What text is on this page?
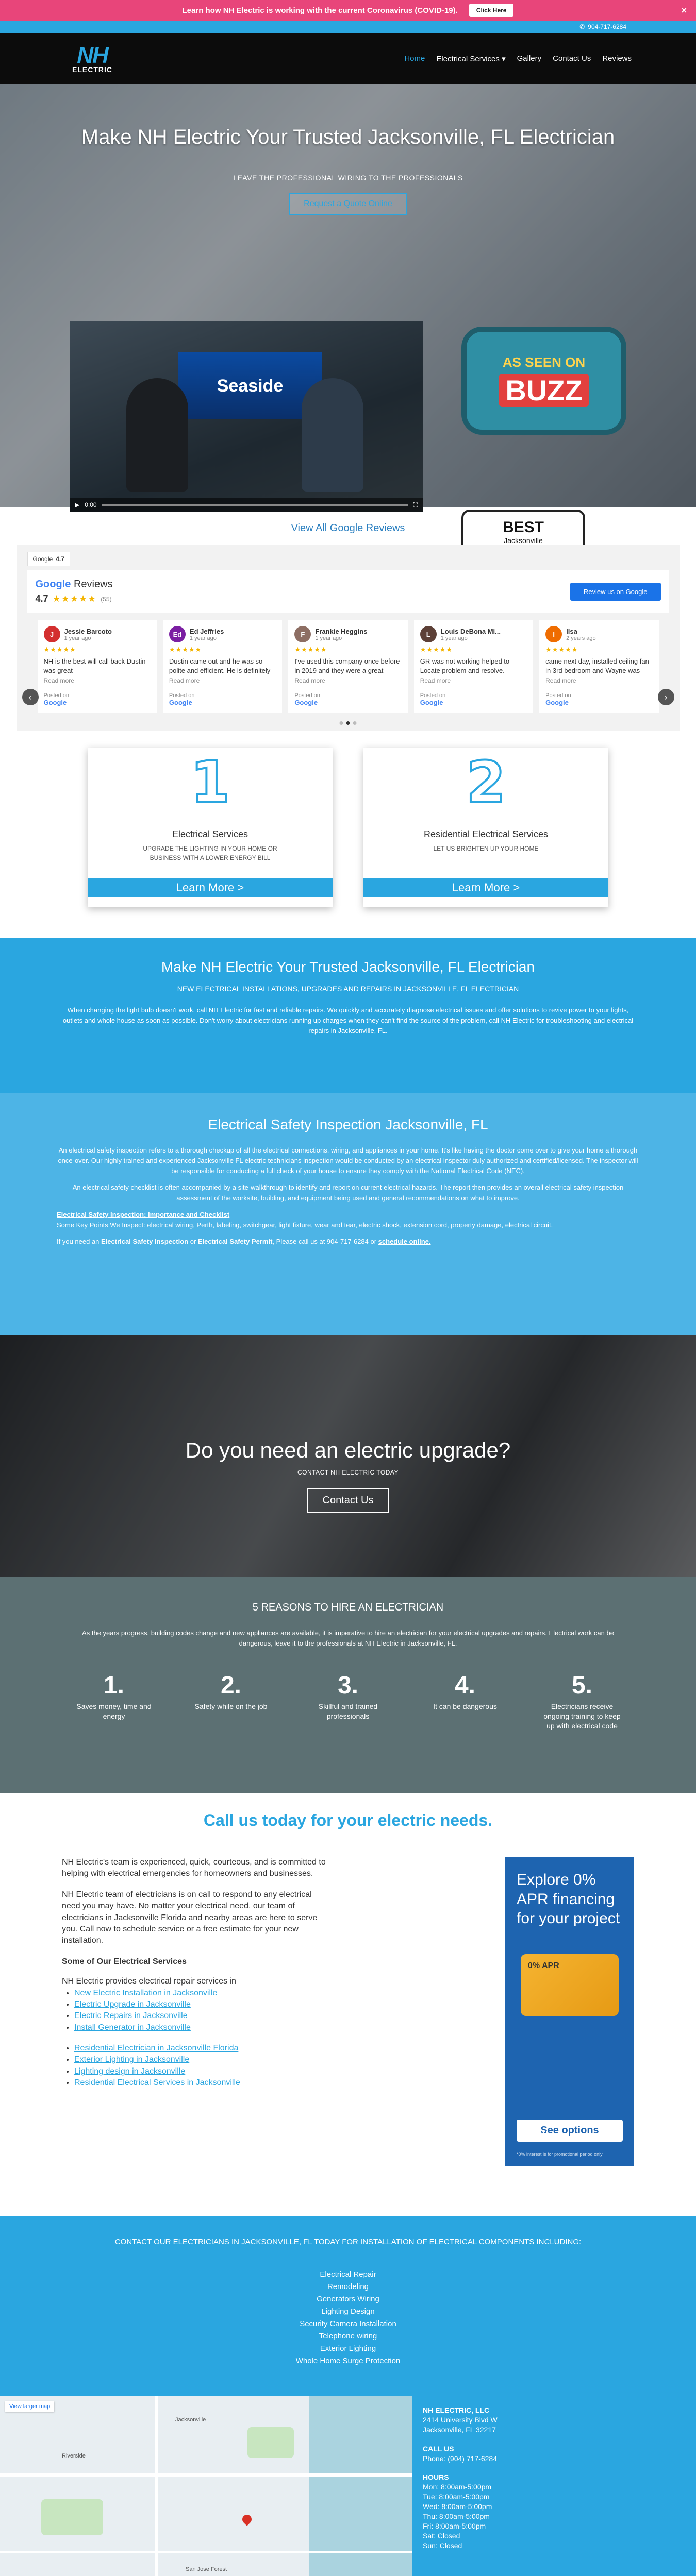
Learn how NH Electric is working with the current Coronavirus (COVID-19).	Click Here	×
✆ 904-717-6284
NH
ELECTRIC
Home Electrical Services ▾ Gallery Contact Us Reviews
Make NH Electric Your Trusted Jacksonville, FL Electrician
LEAVE THE PROFESSIONAL WIRING TO THE PROFESSIONALS
Request a Quote Online
Seaside
▶ 0:00	⛶
AS SEEN ON
BUZZ
BEST
Jacksonville
View All Google Reviews
Google 4.7
Google Reviews
4.7 ★★★★★ (55)
Review us on Google
J	Jessie Barcoto
1 year ago
★★★★★
NH is the best will call back Dustin was great
Read more
Posted on
Google
Ed	Ed Jeffries
1 year ago
★★★★★
Dustin came out and he was so polite and efficient. He is definitely
Read more
Posted on
Google
F	Frankie Heggins
1 year ago
★★★★★
I've used this company once before in 2019 and they were a great
Read more
Posted on
Google
L	Louis DeBona Mi...
1 year ago
★★★★★
GR was not working helped to Locate problem and resolve.
Read more
Posted on
Google
I	Ilsa
2 years ago
★★★★★
came next day, installed ceiling fan in 3rd bedroom and Wayne was
Read more
Posted on
Google
‹	›
1
Electrical Services

UPGRADE THE LIGHTING IN YOUR HOME OR BUSINESS WITH A LOWER ENERGY BILL

Learn More >
2
Residential Electrical Services

LET US BRIGHTEN UP YOUR HOME

Learn More >
Make NH Electric Your Trusted Jacksonville, FL Electrician
NEW ELECTRICAL INSTALLATIONS, UPGRADES AND REPAIRS IN JACKSONVILLE, FL ELECTRICIAN

When changing the light bulb doesn't work, call NH Electric for fast and reliable repairs. We quickly and accurately diagnose electrical issues and offer solutions to revive power to your lights, outlets and whole house as soon as possible. Don't worry about electricians running up charges when they can't find the source of the problem, call NH Electric for troubleshooting and electrical repairs in Jacksonville, FL.

Electrical Safety Inspection Jacksonville, FL

An electrical safety inspection refers to a thorough checkup of all the electrical connections, wiring, and appliances in your home. It's like having the doctor come over to give your home a thorough once-over. Our highly trained and experienced Jacksonville FL electric technicians inspection would be conducted by an electrical inspector duly authorized and certified/licensed. The inspector will be responsible for conducting a full check of your house to ensure they comply with the National Electrical Code (NEC).

An electrical safety checklist is often accompanied by a site-walkthrough to identify and report on current electrical hazards. The report then provides an overall electrical safety inspection assessment of the worksite, building, and equipment being used and general recommendations on what to improve.

Electrical Safety Inspection: Importance and Checklist
Some Key Points We Inspect: electrical wiring, Perth, labeling, switchgear, light fixture, wear and tear, electric shock, extension cord, property damage, electrical circuit.

If you need an Electrical Safety Inspection or Electrical Safety Permit, Please call us at 904-717-6284 or schedule online.

Do you need an electric upgrade?
CONTACT NH ELECTRIC TODAY
Contact Us
5 REASONS TO HIRE AN ELECTRICIAN

As the years progress, building codes change and new appliances are available, it is imperative to hire an electrician for your electrical upgrades and repairs. Electrical work can be dangerous, leave it to the professionals at NH Electric in Jacksonville, FL.

1.
Saves money, time and energy
2.
Safety while on the job
3.
Skillful and trained professionals
4.
It can be dangerous
5.
Electricians receive ongoing training to keep up with electrical code
Call us today for your electric needs.

NH Electric's team is experienced, quick, courteous, and is committed to helping with electrical emergencies for homeowners and businesses.

NH Electric team of electricians is on call to respond to any electrical need you may have. No matter your electrical need, our team of electricians in Jacksonville Florida and nearby areas are here to serve you. Call now to schedule service or a free estimate for your new installation.

Some of Our Electrical Services
NH Electric provides electrical repair services in
• New Electric Installation in Jacksonville
• Electric Upgrade in Jacksonville
• Electric Repairs in Jacksonville
• Install Generator in Jacksonville
• Residential Electrician in Jacksonville Florida
• Exterior Lighting in Jacksonville
• Lighting design in Jacksonville
• Residential Electrical Services in Jacksonville
Explore 0% APR financing for your project
0% APR
See options
Hearth
*0% interest is for promotional period only
CONTACT OUR ELECTRICIANS IN JACKSONVILLE, FL TODAY FOR INSTALLATION OF ELECTRICAL COMPONENTS INCLUDING:
Electrical Repair
Remodeling
Generators Wiring
Lighting Design
Security Camera Installation
Telephone wiring
Exterior Lighting
Whole Home Surge Protection
Jacksonville
San Jose Forest
Riverside
View larger map	NH ELECTRIC, LLC
2414 University Blvd W
Jacksonville, FL 32217
CALL US
Phone: (904) 717-6284
HOURS
Mon: 8:00am-5:00pm
Tue: 8:00am-5:00pm
Wed: 8:00am-5:00pm
Thu: 8:00am-5:00pm
Fri: 8:00am-5:00pm
Sat: Closed
Sun: Closed
